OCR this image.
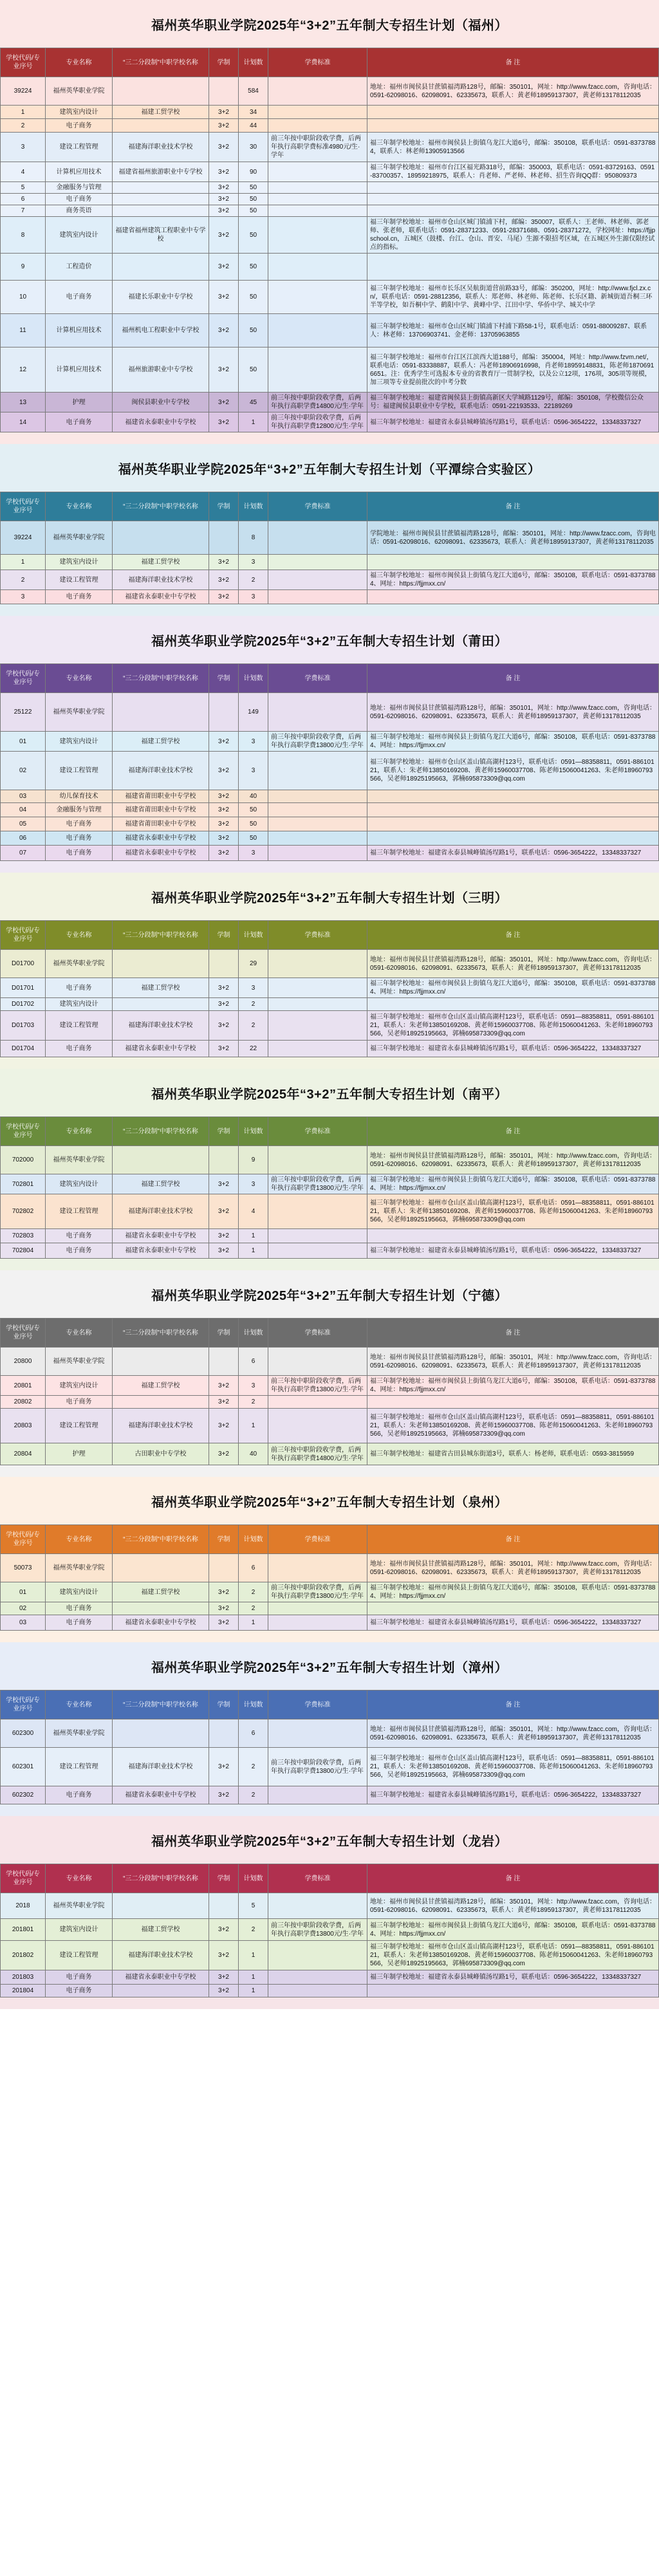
福州英华职业学院2025年“3+2”五年制大专招生计划（福州）
学校代码/专业序号	专业名称	“三二分段制”中职学校名称	学制	计划数	学费标准	备 注
39224	福州英华职业学院			584		地址：福州市闽侯县甘蔗镇福湾路128号，邮编：350101，网址：http://www.fzacc.com，咨询电话：0591-62098016、62098091、62335673，联系人：黄老师18959137307，黄老师13178112035
1	建筑室内设计	福建工贸学校	3+2	34		
2	电子商务		3+2	44		
3	建设工程管理	福建海洋职业技术学校	3+2	30	前三年按中职阶段收学费，后两年执行高职学费标准4980元/生·学年	福三年制学校地址：福州市闽侯县上街镇乌龙江大道6号，邮编：350108，联系电话：0591-83737884，联系人：林老师13905913566
4	计算机应用技术	福建省福州旅游职业中专学校	3+2	90		福三年制学校地址：福州市台江区福光路318号，邮编：350003，联系电话：0591-83729163、0591-83700357、18959218975，联系人：肖老师、严老师、林老师、招生咨询QQ群：950809373
5	金融服务与管理		3+2	50		
6	电子商务		3+2	50		
7	商务英语		3+2	50		
8	建筑室内设计	福建省福州建筑工程职业中专学校	3+2	50		福三年制学校地址：福州市仓山区城门镇浦下村，邮编：350007，联系人：王老师、林老师、郭老师、张老师，联系电话：0591-28371233、0591-28371688、0591-28371272，学校网址：https://fjjpschool.cn，五城区（鼓楼、台江、仓山、晋安、马尾）生源不限招考区域，在五城区外生源仅限经试点的指标。
9	工程造价		3+2	50		
10	电子商务	福建长乐职业中专学校	3+2	50		福三年制学校地址：福州市长乐区吴航街道营前路33号，邮编：350200，网址：http://www.fjcl.zx.cn/，联系电话：0591-28812356，联系人：郑老师、林老师、陈老师、长乐区籍、新城街道吾桐三环半等学校，如吾桐中学、鹤阳中学、黄峰中学、江田中学、华侨中学、城关中学
11	计算机应用技术	福州机电工程职业中专学校	3+2	50		福三年制学校地址：福州市仓山区城门镇浦下村浦下路58-1号，联系电话：0591-88009287、联系人：林老师：13706903741、金老师：13705963855
12	计算机应用技术	福州旅游职业中专学校	3+2	50		福三年制学校地址：福州市台江区江滨西大道188号，邮编：350004，网址：http://www.fzvm.net/，联系电话：0591-83338887，联系人：冯老师18906916998，肖老师18959148831，陈老师18706916651。注：优秀学生可选报本专业的省教育厅一贯制学校，以及公立12项，176项，305项等规模，加三项等专业提前批次的中考分数
13	护理	闽侯县职业中专学校	3+2	45	前三年按中职阶段收学费，后两年执行高职学费14800元/生·学年	福三年制学校地址：福建省闽侯县上街镇高新区大学城路1129号，邮编：350108，学校微信公众号：福建闽侯县职业中专学校，联系电话：0591-22193533、22189269
14	电子商务	福建省永泰职业中专学校	3+2	1	前三年按中职阶段收学费，后两年执行高职学费12800元/生·学年	福三年制学校地址：福建省永泰县城峰镇汤埕路1号，联系电话：0596-3654222，13348337327
福州英华职业学院2025年“3+2”五年制大专招生计划（平潭综合实验区）
学校代码/专业序号	专业名称	“三二分段制”中职学校名称	学制	计划数	学费标准	备 注
39224	福州英华职业学院			8		学院地址：福州市闽侯县甘蔗镇福湾路128号，邮编：350101，网址：http://www.fzacc.com，咨询电话：0591-62098016、62098091、62335673，联系人：黄老师18959137307，黄老师13178112035
1	建筑室内设计	福建工贸学校	3+2	3		
2	建设工程管理	福建海洋职业技术学校	3+2	2		福三年制学校地址：福州市闽侯县上街镇乌龙江大道6号，邮编：350108，联系电话：0591-83737884、网址：https://fjjmxx.cn/
3	电子商务	福建省永泰职业中专学校	3+2	3		
福州英华职业学院2025年“3+2”五年制大专招生计划（莆田）
学校代码/专业序号	专业名称	“三二分段制”中职学校名称	学制	计划数	学费标准	备 注
25122	福州英华职业学院			149		地址：福州市闽侯县甘蔗镇福湾路128号，邮编：350101，网址：http://www.fzacc.com，咨询电话：0591-62098016、62098091、62335673，联系人：黄老师18959137307，黄老师13178112035
01	建筑室内设计	福建工贸学校	3+2	3	前三年按中职阶段收学费，后两年执行高职学费13800元/生·学年	福三年制学校地址：福州市闽侯县上街镇乌龙江大道6号，邮编：350108，联系电话：0591-83737884、网址：https://fjjmxx.cn/
02	建设工程管理	福建海洋职业技术学校	3+2	3		福三年制学校地址：福州市仓山区盖山镇高湖村123号，联系电话：0591—88358811，0591-88610121，联系人：朱老师13850169208、黄老师15960037708、陈老师15060041263、朱老师18960793566，吴老师18925195663，郭楠695873309@qq.com
03	幼儿保育技术	福建省莆田职业中专学校	3+2	40		
04	金融服务与管理	福建省莆田职业中专学校	3+2	50		
05	电子商务	福建省莆田职业中专学校	3+2	50		
06	电子商务	福建省永泰职业中专学校	3+2	50		
07	电子商务	福建省永泰职业中专学校	3+2	3		福三年制学校地址：福建省永泰县城峰镇汤埕路1号，联系电话：0596-3654222，13348337327
福州英华职业学院2025年“3+2”五年制大专招生计划（三明）
学校代码/专业序号	专业名称	“三二分段制”中职学校名称	学制	计划数	学费标准	备 注
D01700	福州英华职业学院			29		地址：福州市闽侯县甘蔗镇福湾路128号，邮编：350101，网址：http://www.fzacc.com，咨询电话：0591-62098016、62098091、62335673，联系人：黄老师18959137307，黄老师13178112035
D01701	电子商务	福建工贸学校	3+2	3		福三年制学校地址：福州市闽侯县上街镇乌龙江大道6号，邮编：350108，联系电话：0591-83737884、网址：https://fjjmxx.cn/
D01702	建筑室内设计		3+2	2		
D01703	建设工程管理	福建海洋职业技术学校	3+2	2		福三年制学校地址：福州市仓山区盖山镇高湖村123号，联系电话：0591—88358811，0591-88610121，联系人：朱老师13850169208、黄老师15960037708、陈老师15060041263、朱老师18960793566，吴老师18925195663，郭楠695873309@qq.com
D01704	电子商务	福建省永泰职业中专学校	3+2	22		福三年制学校地址：福建省永泰县城峰镇汤埕路1号，联系电话：0596-3654222，13348337327
福州英华职业学院2025年“3+2”五年制大专招生计划（南平）
学校代码/专业序号	专业名称	“三二分段制”中职学校名称	学制	计划数	学费标准	备 注
702000	福州英华职业学院			9		地址：福州市闽侯县甘蔗镇福湾路128号，邮编：350101，网址：http://www.fzacc.com，咨询电话：0591-62098016、62098091、62335673，联系人：黄老师18959137307，黄老师13178112035
702801	建筑室内设计	福建工贸学校	3+2	3	前三年按中职阶段收学费，后两年执行高职学费13800元/生·学年	福三年制学校地址：福州市闽侯县上街镇乌龙江大道6号，邮编：350108，联系电话：0591-83737884、网址：https://fjjmxx.cn/
702802	建设工程管理	福建海洋职业技术学校	3+2	4		福三年制学校地址：福州市仓山区盖山镇高湖村123号，联系电话：0591—88358811，0591-88610121，联系人：朱老师13850169208、黄老师15960037708、陈老师15060041263、朱老师18960793566，吴老师18925195663，郭楠695873309@qq.com
702803	电子商务	福建省永泰职业中专学校	3+2	1		
702804	电子商务	福建省永泰职业中专学校	3+2	1		福三年制学校地址：福建省永泰县城峰镇汤埕路1号，联系电话：0596-3654222，13348337327
福州英华职业学院2025年“3+2”五年制大专招生计划（宁德）
学校代码/专业序号	专业名称	“三二分段制”中职学校名称	学制	计划数	学费标准	备 注
20800	福州英华职业学院			6		地址：福州市闽侯县甘蔗镇福湾路128号，邮编：350101，网址：http://www.fzacc.com，咨询电话：0591-62098016、62098091、62335673，联系人：黄老师18959137307，黄老师13178112035
20801	建筑室内设计	福建工贸学校	3+2	3	前三年按中职阶段收学费，后两年执行高职学费13800元/生·学年	福三年制学校地址：福州市闽侯县上街镇乌龙江大道6号，邮编：350108，联系电话：0591-83737884、网址：https://fjjmxx.cn/
20802	电子商务		3+2	2		
20803	建设工程管理	福建海洋职业技术学校	3+2	1		福三年制学校地址：福州市仓山区盖山镇高湖村123号，联系电话：0591—88358811，0591-88610121，联系人：朱老师13850169208、黄老师15960037708、陈老师15060041263、朱老师18960793566，吴老师18925195663，郭楠695873309@qq.com
20804	护理	古田职业中专学校	3+2	40	前三年按中职阶段收学费，后两年执行高职学费14800元/生·学年	福三年制学校地址：福建省古田县城东街道3号，联系人：杨老师，联系电话：0593-3815959
福州英华职业学院2025年“3+2”五年制大专招生计划（泉州）
学校代码/专业序号	专业名称	“三二分段制”中职学校名称	学制	计划数	学费标准	备 注
50073	福州英华职业学院			6		地址：福州市闽侯县甘蔗镇福湾路128号，邮编：350101，网址：http://www.fzacc.com，咨询电话：0591-62098016、62098091、62335673，联系人：黄老师18959137307，黄老师13178112035
01	建筑室内设计	福建工贸学校	3+2	2	前三年按中职阶段收学费，后两年执行高职学费13800元/生·学年	福三年制学校地址：福州市闽侯县上街镇乌龙江大道6号，邮编：350108，联系电话：0591-83737884、网址：https://fjjmxx.cn/
02	电子商务		3+2	2		
03	电子商务	福建省永泰职业中专学校	3+2	1		福三年制学校地址：福建省永泰县城峰镇汤埕路1号，联系电话：0596-3654222，13348337327
福州英华职业学院2025年“3+2”五年制大专招生计划（漳州）
学校代码/专业序号	专业名称	“三二分段制”中职学校名称	学制	计划数	学费标准	备 注
602300	福州英华职业学院			6		地址：福州市闽侯县甘蔗镇福湾路128号，邮编：350101，网址：http://www.fzacc.com，咨询电话：0591-62098016、62098091、62335673，联系人：黄老师18959137307，黄老师13178112035
602301	建设工程管理	福建海洋职业技术学校	3+2	2	前三年按中职阶段收学费，后两年执行高职学费13800元/生·学年	福三年制学校地址：福州市仓山区盖山镇高湖村123号，联系电话：0591—88358811，0591-88610121，联系人：朱老师13850169208、黄老师15960037708、陈老师15060041263、朱老师18960793566，吴老师18925195663，郭楠695873309@qq.com
602302	电子商务	福建省永泰职业中专学校	3+2	2		福三年制学校地址：福建省永泰县城峰镇汤埕路1号，联系电话：0596-3654222，13348337327
福州英华职业学院2025年“3+2”五年制大专招生计划（龙岩）
学校代码/专业序号	专业名称	“三二分段制”中职学校名称	学制	计划数	学费标准	备 注
2018	福州英华职业学院			5		地址：福州市闽侯县甘蔗镇福湾路128号，邮编：350101，网址：http://www.fzacc.com，咨询电话：0591-62098016、62098091、62335673，联系人：黄老师18959137307，黄老师13178112035
201801	建筑室内设计	福建工贸学校	3+2	2	前三年按中职阶段收学费，后两年执行高职学费13800元/生·学年	福三年制学校地址：福州市闽侯县上街镇乌龙江大道6号，邮编：350108，联系电话：0591-83737884、网址：https://fjjmxx.cn/
201802	建设工程管理	福建海洋职业技术学校	3+2	1		福三年制学校地址：福州市仓山区盖山镇高湖村123号，联系电话：0591—88358811，0591-88610121，联系人：朱老师13850169208、黄老师15960037708、陈老师15060041263、朱老师18960793566，吴老师18925195663，郭楠695873309@qq.com
201803	电子商务	福建省永泰职业中专学校	3+2	1		福三年制学校地址：福建省永泰县城峰镇汤埕路1号，联系电话：0596-3654222，13348337327
201804	电子商务		3+2	1		
